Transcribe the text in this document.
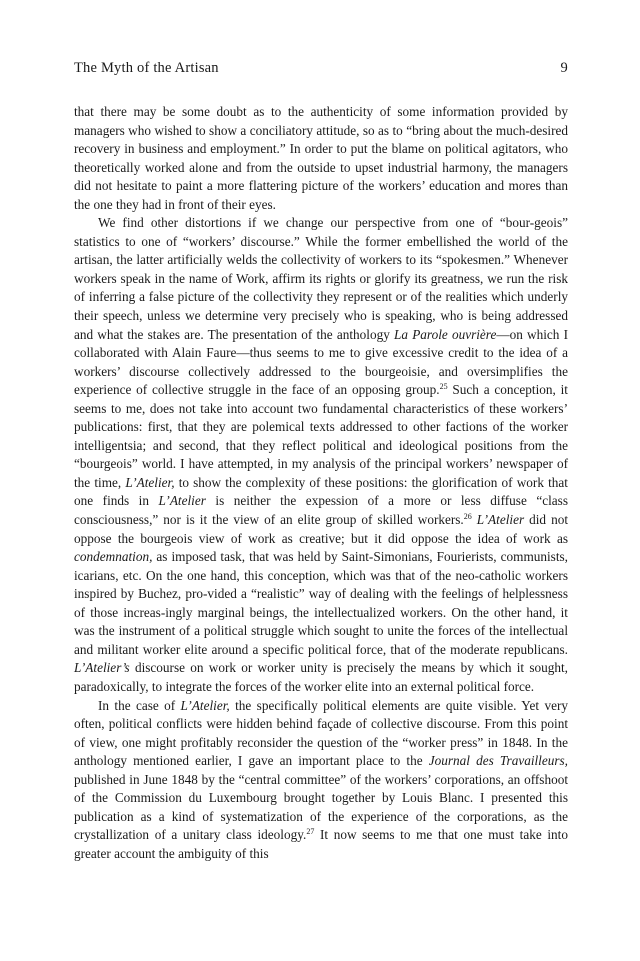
The Myth of the Artisan	9

that there may be some doubt as to the authenticity of some information provided by managers who wished to show a conciliatory attitude, so as to “bring about the much-desired recovery in business and employment.” In order to put the blame on political agitators, who theoretically worked alone and from the outside to upset industrial harmony, the managers did not hesitate to paint a more flattering picture of the workers’ education and mores than the one they had in front of their eyes.

We find other distortions if we change our perspective from one of “bour-geois” statistics to one of “workers’ discourse.” While the former embellished the world of the artisan, the latter artificially welds the collectivity of workers to its “spokesmen.” Whenever workers speak in the name of Work, affirm its rights or glorify its greatness, we run the risk of inferring a false picture of the collectivity they represent or of the realities which underly their speech, unless we determine very precisely who is speaking, who is being addressed and what the stakes are. The presentation of the anthology La Parole ouvrière—on which I collaborated with Alain Faure—thus seems to me to give excessive credit to the idea of a workers’ discourse collectively addressed to the bourgeoisie, and oversimplifies the experience of collective struggle in the face of an opposing group.$^{25}$ Such a conception, it seems to me, does not take into account two fundamental characteristics of these workers’ publications: first, that they are polemical texts addressed to other factions of the worker intelligentsia; and second, that they reflect political and ideological positions from the “bourgeois” world. I have attempted, in my analysis of the principal workers’ newspaper of the time, L’Atelier, to show the complexity of these positions: the glorification of work that one finds in L’Atelier is neither the expession of a more or less diffuse “class consciousness,” nor is it the view of an elite group of skilled workers.$^{26}$ L’Atelier did not oppose the bourgeois view of work as creative; but it did oppose the idea of work as condemnation, as imposed task, that was held by Saint-Simonians, Fourierists, communists, icarians, etc. On the one hand, this conception, which was that of the neo-catholic workers inspired by Buchez, pro-vided a “realistic” way of dealing with the feelings of helplessness of those increas-ingly marginal beings, the intellectualized workers. On the other hand, it was the instrument of a political struggle which sought to unite the forces of the intellectual and militant worker elite around a specific political force, that of the moderate republicans. L’Atelier’s discourse on work or worker unity is precisely the means by which it sought, paradoxically, to integrate the forces of the worker elite into an external political force.

In the case of L’Atelier, the specifically political elements are quite visible. Yet very often, political conflicts were hidden behind façade of collective discourse. From this point of view, one might profitably reconsider the question of the “worker press” in 1848. In the anthology mentioned earlier, I gave an important place to the Journal des Travailleurs, published in June 1848 by the “central committee” of the workers’ corporations, an offshoot of the Commission du Luxembourg brought together by Louis Blanc. I presented this publication as a kind of systematization of the experience of the corporations, as the crystallization of a unitary class ideology.$^{27}$ It now seems to me that one must take into greater account the ambiguity of this
